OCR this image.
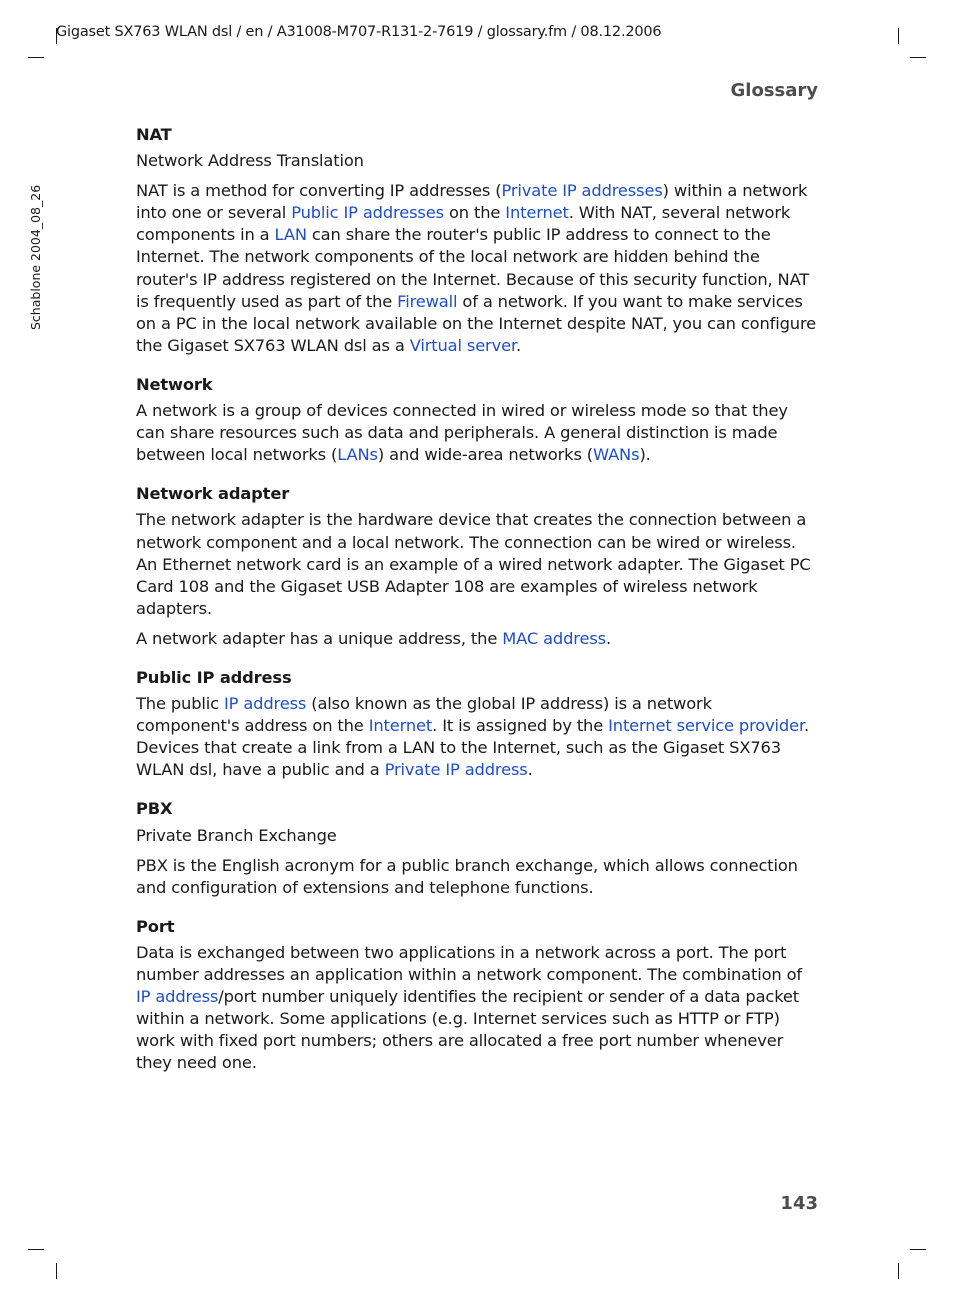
Gigaset SX763 WLAN dsl / en / A31008-M707-R131-2-7619 / glossary.fm / 08.12.2006
Schablone 2004_08_26
Glossary

NAT

Network Address Translation

NAT is a method for converting IP addresses (Private IP addresses) within a network into one or several Public IP addresses on the Internet. With NAT, several network components in a LAN can share the router's public IP address to connect to the Internet. The network components of the local network are hidden behind the router's IP address registered on the Internet. Because of this security function, NAT is frequently used as part of the Firewall of a network. If you want to make services on a PC in the local network available on the Internet despite NAT, you can configure the Gigaset SX763 WLAN dsl as a Virtual server.

Network

A network is a group of devices connected in wired or wireless mode so that they can share resources such as data and peripherals. A general distinction is made between local networks (LANs) and wide-area networks (WANs).

Network adapter

The network adapter is the hardware device that creates the connection between a network component and a local network. The connection can be wired or wireless. An Ethernet network card is an example of a wired network adapter. The Gigaset PC Card 108 and the Gigaset USB Adapter 108 are examples of wireless network adapters.

A network adapter has a unique address, the MAC address.

Public IP address

The public IP address (also known as the global IP address) is a network component's address on the Internet. It is assigned by the Internet service provider. Devices that create a link from a LAN to the Internet, such as the Gigaset SX763 WLAN dsl, have a public and a Private IP address.

PBX

Private Branch Exchange

PBX is the English acronym for a public branch exchange, which allows connection and configuration of extensions and telephone functions.

Port

Data is exchanged between two applications in a network across a port. The port number addresses an application within a network component. The combination of IP address/port number uniquely identifies the recipient or sender of a data packet within a network. Some applications (e.g. Internet services such as HTTP or FTP) work with fixed port numbers; others are allocated a free port number whenever they need one.

143
